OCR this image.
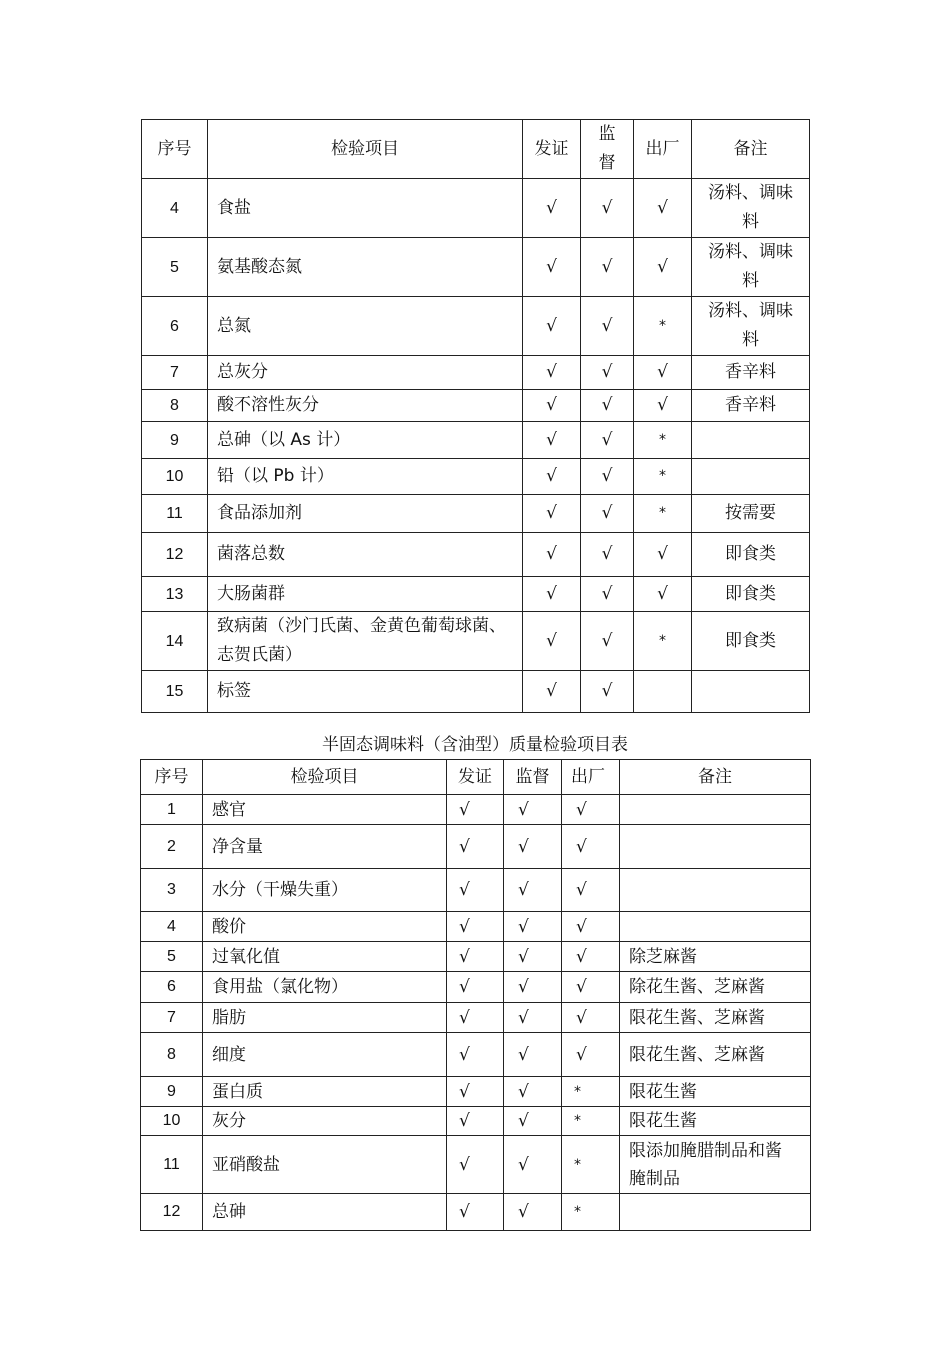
序号	检验项目	发证	监督	出厂	备注
4	食盐	√	√	√	汤料、调味料
5	氨基酸态氮	√	√	√	汤料、调味料
6	总氮	√	√	*	汤料、调味料
7	总灰分	√	√	√	香辛料
8	酸不溶性灰分	√	√	√	香辛料
9	总砷（以 As 计）	√	√	*	
10	铅（以 Pb 计）	√	√	*	
11	食品添加剂	√	√	*	按需要
12	菌落总数	√	√	√	即食类
13	大肠菌群	√	√	√	即食类
14	致病菌（沙门氏菌、金黄色葡萄球菌、志贺氏菌）	√	√	*	即食类
15	标签	√	√		
半固态调味料（含油型）质量检验项目表
序号	检验项目	发证	监督	出厂	备注
1	感官	√	√	√	
2	净含量	√	√	√	
3	水分（干燥失重）	√	√	√	
4	酸价	√	√	√	
5	过氧化值	√	√	√	除芝麻酱
6	食用盐（氯化物）	√	√	√	除花生酱、芝麻酱
7	脂肪	√	√	√	限花生酱、芝麻酱
8	细度	√	√	√	限花生酱、芝麻酱
9	蛋白质	√	√	*	限花生酱
10	灰分	√	√	*	限花生酱
11	亚硝酸盐	√	√	*	限添加腌腊制品和酱腌制品
12	总砷	√	√	*	
